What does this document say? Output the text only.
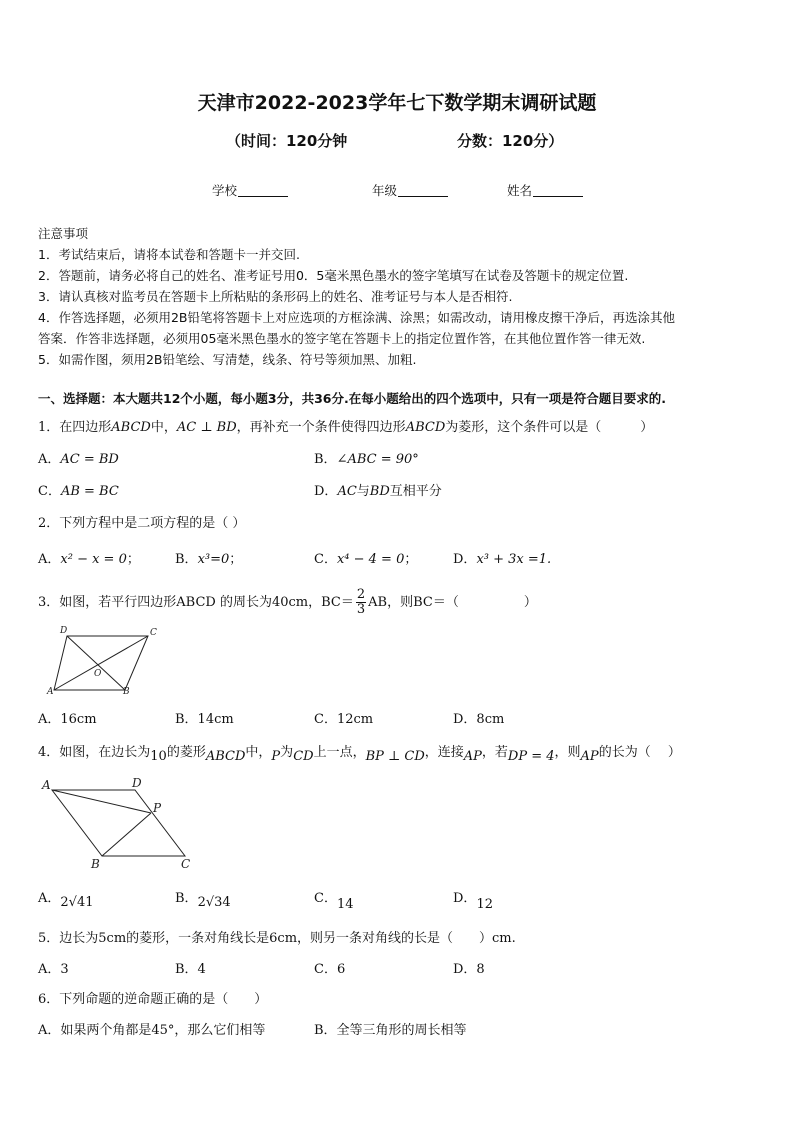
天津市2022-2023学年七下数学期末调研试题
（时间：120分钟	分数：120分）
学校	年级	姓名
注意事项
1．考试结束后，请将本试卷和答题卡一并交回.
2．答题前，请务必将自己的姓名、准考证号用0．5毫米黑色墨水的签字笔填写在试卷及答题卡的规定位置.
3．请认真核对监考员在答题卡上所粘贴的条形码上的姓名、准考证号与本人是否相符.
4．作答选择题，必须用2B铅笔将答题卡上对应选项的方框涂满、涂黑；如需改动，请用橡皮擦干净后，再选涂其他
答案．作答非选择题，必须用05毫米黑色墨水的签字笔在答题卡上的指定位置作答，在其他位置作答一律无效.
5．如需作图，须用2B铅笔绘、写清楚，线条、符号等须加黑、加粗.
一、选择题：本大题共12个小题，每小题3分，共36分.在每小题给出的四个选项中，只有一项是符合题目要求的.
1．在四边形ABCD中，AC ⊥ BD，再补充一个条件使得四边形ABCD为菱形，这个条件可以是（　　　）
A．AC = BD	B．∠ABC = 90°
C．AB = BC	D．AC与BD互相平分
2．下列方程中是二项方程的是（ ）
A．x² − x = 0；	B．x³=0；	C．x⁴ − 4 = 0；	D．x³ + 3x =1.
3．如图，若平行四边形ABCD 的周长为40cm，$BC= \frac{2}{3}$ AB，则BC＝（　　　　　）
D	C
O
A	B
A．16cm	B．14cm	C．12cm	D．8cm
4．如图，在边长为10的菱形ABCD中，P为CD上一点，BP ⊥ CD，连接AP，若DP = 4，则AP的长为（　 ）
A	D
P
B	C
A．2√41	B．2√34	C．14	D．12
5．边长为5cm的菱形，一条对角线长是6cm，则另一条对角线的长是（　　）cm.
A．3	B．4	C．6	D．8
6．下列命题的逆命题正确的是（　　）
A．如果两个角都是45°，那么它们相等	B．全等三角形的周长相等
